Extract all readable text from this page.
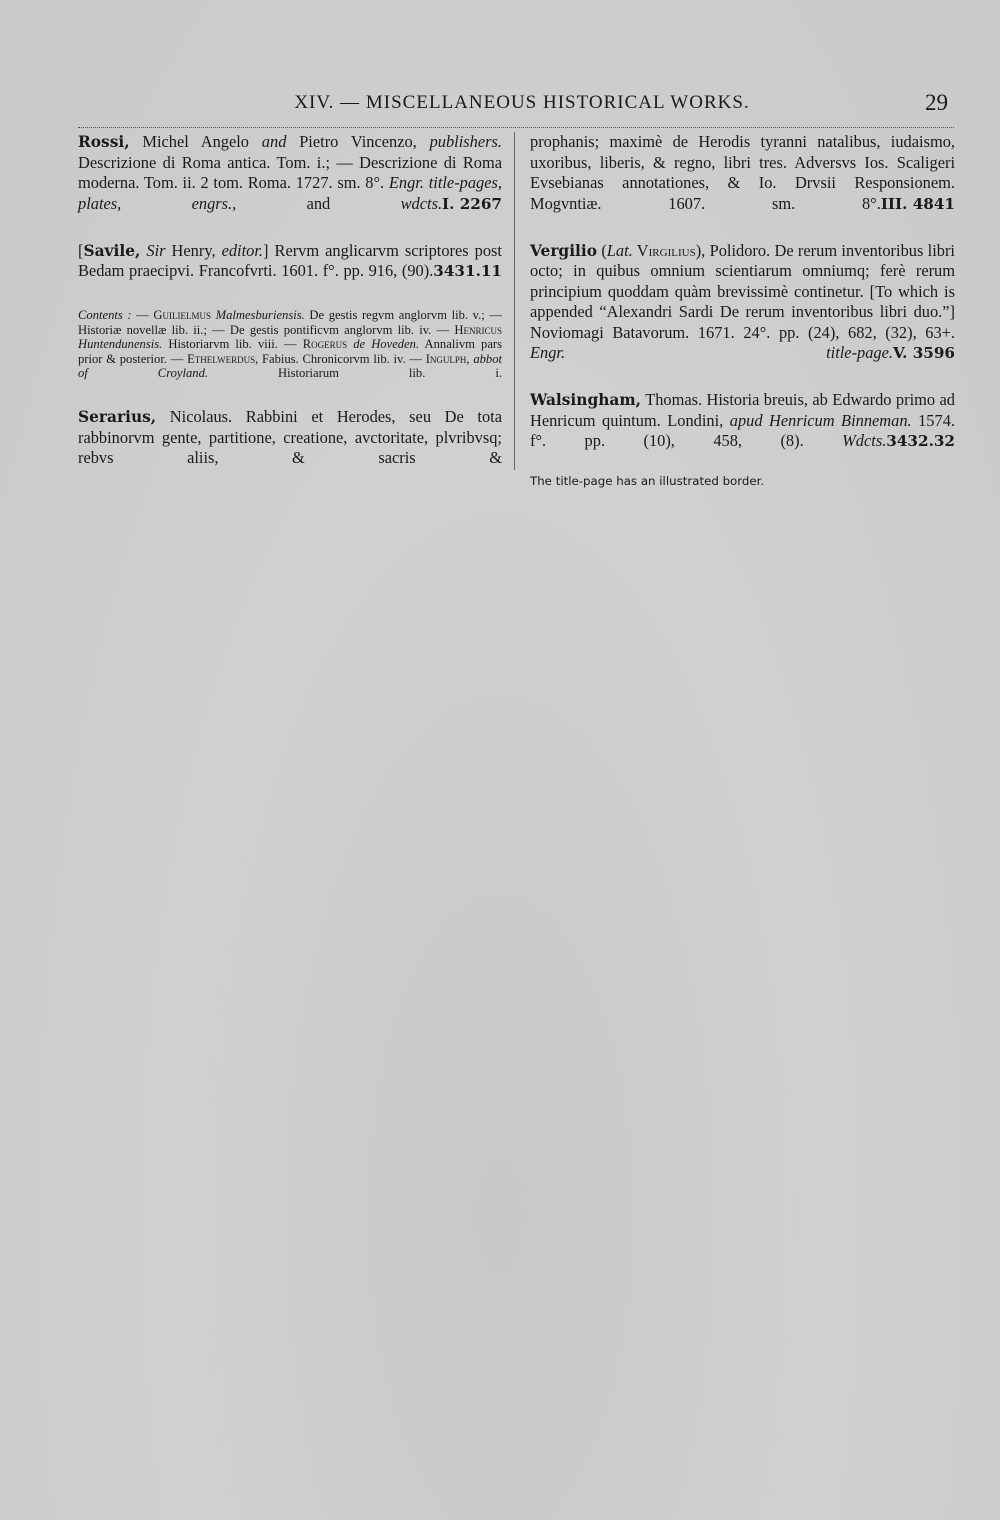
XIV. — MISCELLANEOUS HISTORICAL WORKS.	29

Rossi, Michel Angelo and Pietro Vincenzo, publishers. Descrizione di Roma antica. Tom. i.; — Descrizione di Roma moderna. Tom. ii. 2 tom. Roma. 1727. sm. 8°. Engr. title-pages, plates, engrs., and wdcts. I. 2267

[Savile, Sir Henry, editor.] Rervm anglicarvm scriptores post Bedam praecipvi. Francofvrti. 1601. f°. pp. 916, (90). 3431.11

Contents : — Guilielmus Malmesburiensis. De gestis regvm anglorvm lib. v.; — Historiæ novellæ lib. ii.; — De gestis pontificvm anglorvm lib. iv. — Henricus Huntendunensis. Historiarvm lib. viii. — Rogerus de Hoveden. Annalivm pars prior & posterior. — Ethelwerdus, Fabius. Chronicorvm lib. iv. — Ingulph, abbot of Croyland. Historiarum lib. i.

Serarius, Nicolaus. Rabbini et Herodes, seu De tota rabbinorvm gente, partitione, creatione, avctoritate, plvribvsq; rebvs aliis, & sacris &

prophanis; maximè de Herodis tyranni natalibus, iudaismo, uxoribus, liberis, & regno, libri tres. Adversvs Ios. Scaligeri Evsebianas annotationes, & Io. Drvsii Responsionem. Mogvntiæ. 1607. sm. 8°. III. 4841

Vergilio (Lat. Virgilius), Polidoro. De rerum inventoribus libri octo; in quibus omnium scientiarum omniumq; ferè rerum principium quoddam quàm brevissimè continetur. [To which is appended “Alexandri Sardi De rerum inventoribus libri duo.”] Noviomagi Batavorum. 1671. 24°. pp. (24), 682, (32), 63+. Engr. title-page. V. 3596

Walsingham, Thomas. Historia breuis, ab Edwardo primo ad Henricum quintum. Londini, apud Henricum Binneman. 1574. f°. pp. (10), 458, (8). Wdcts. 3432.32

The title-page has an illustrated border.
